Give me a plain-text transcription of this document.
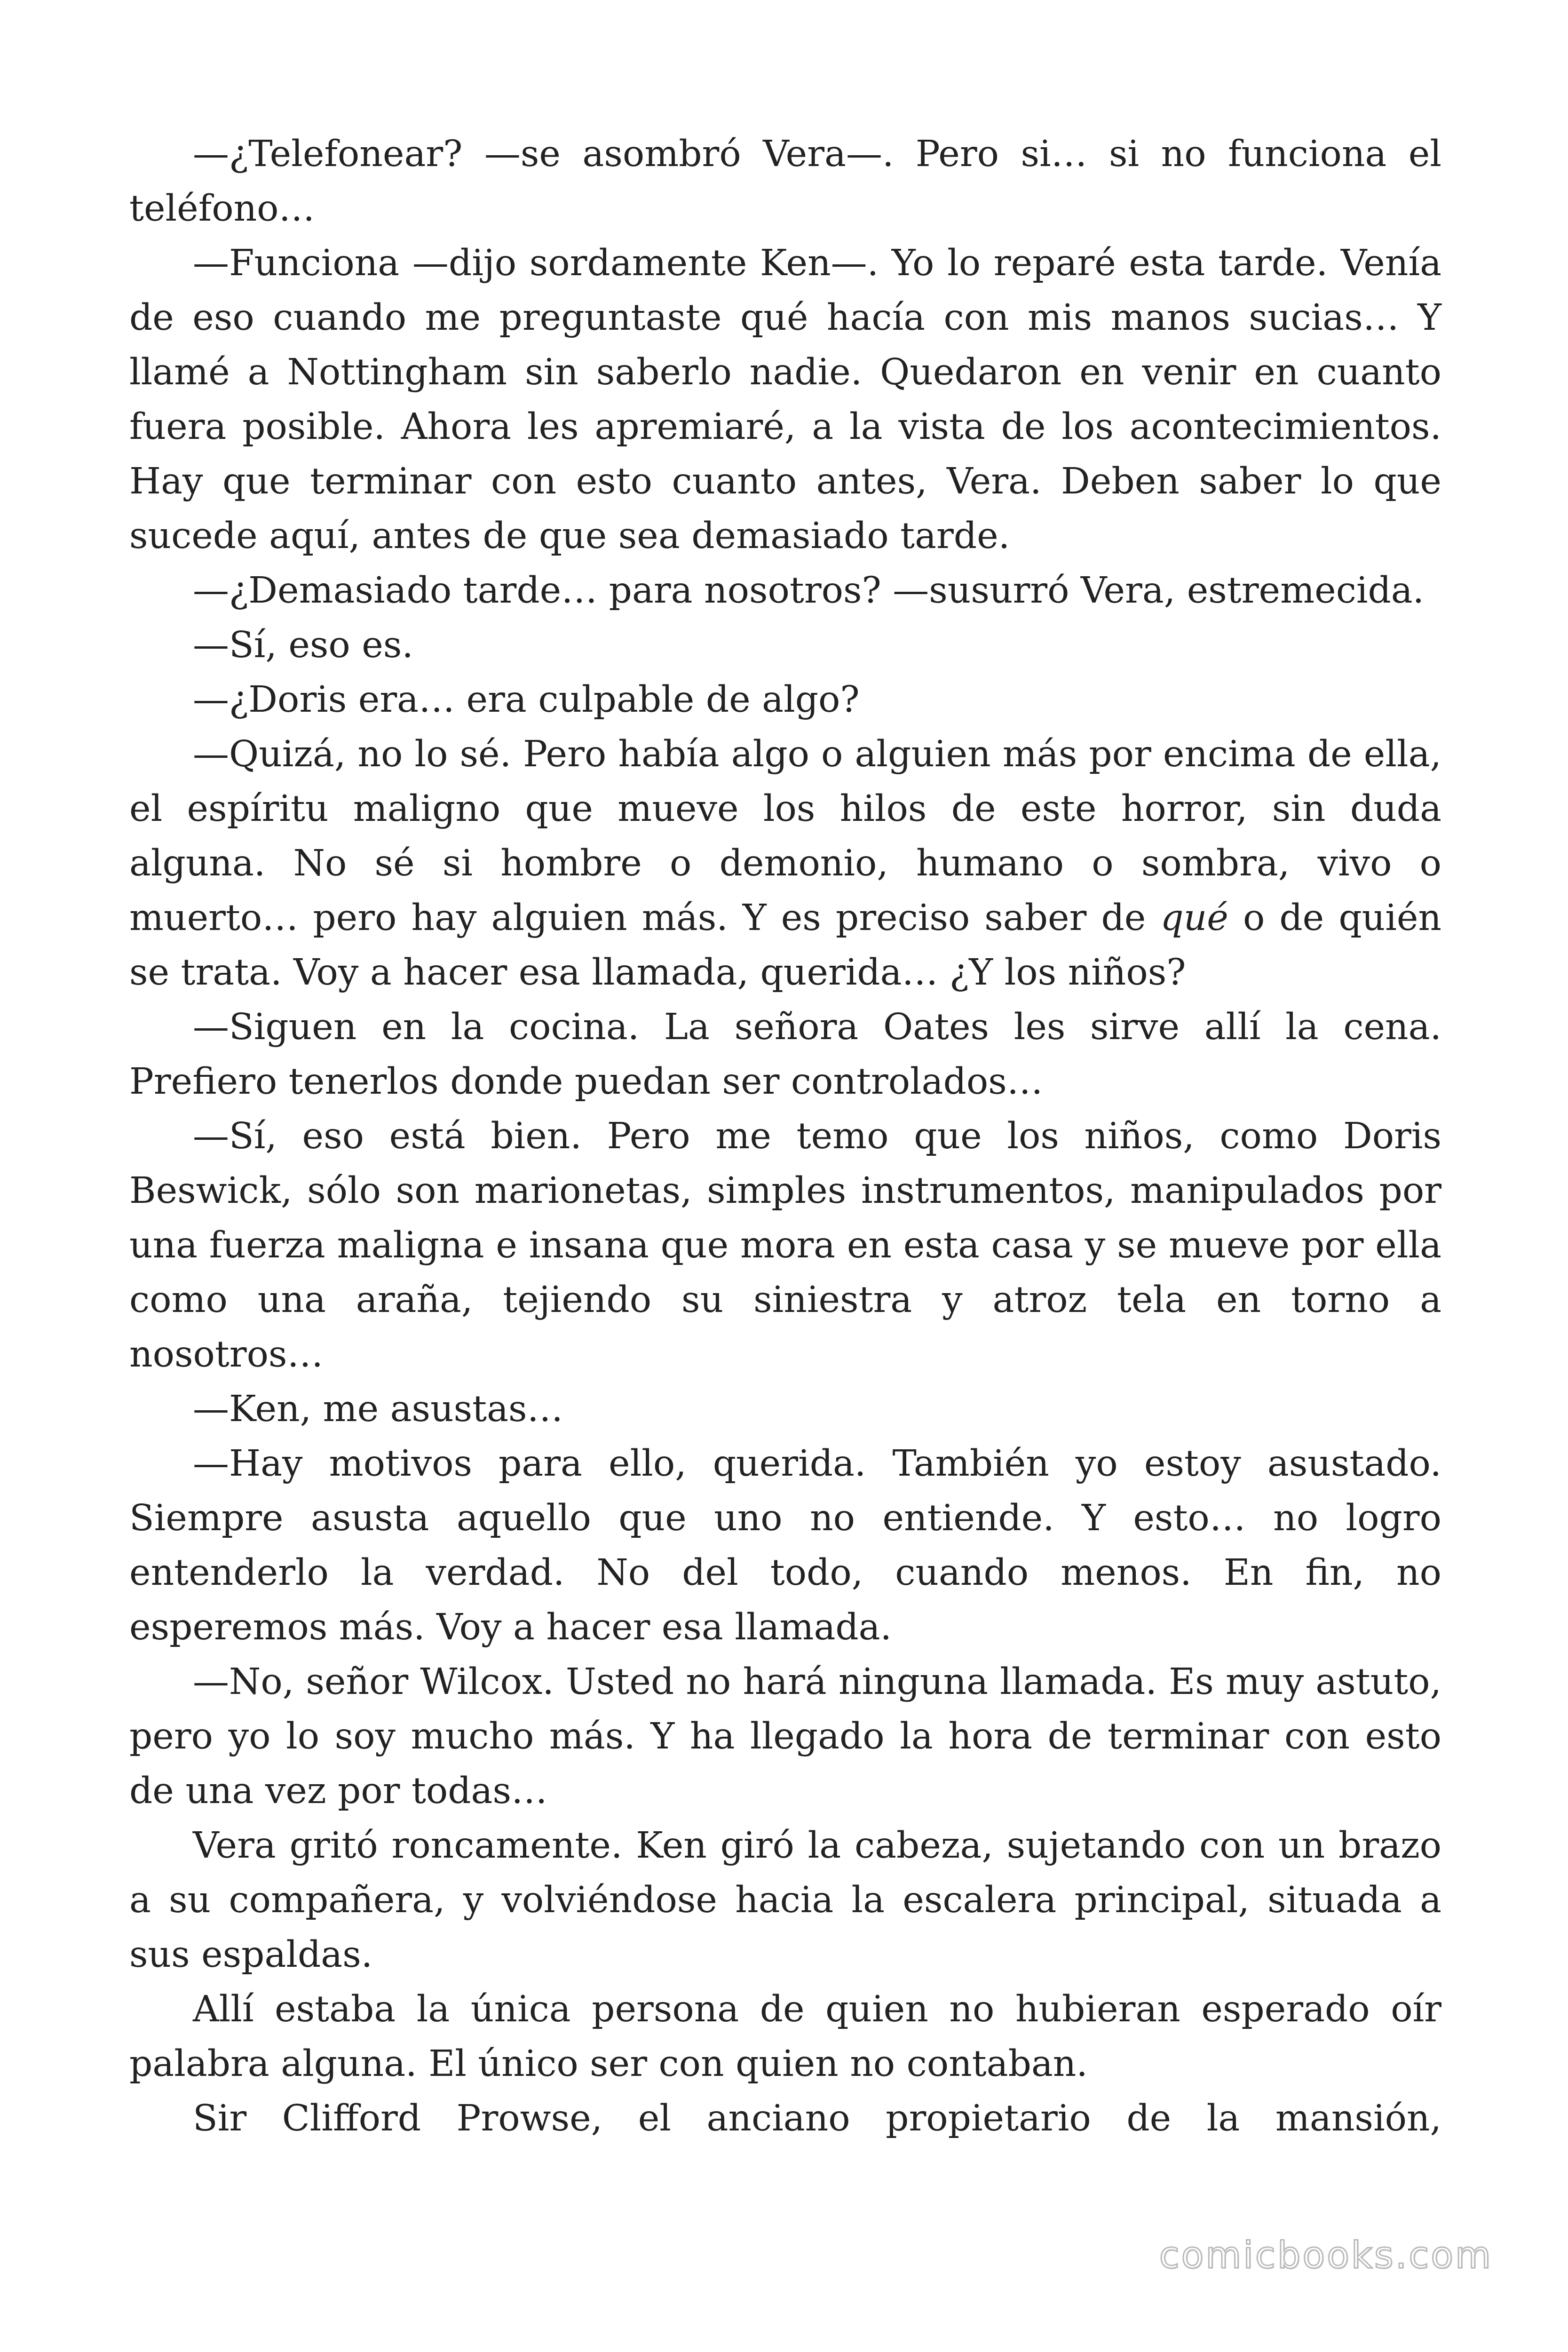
—¿Telefonear? —se asombró Vera—. Pero si… si no funciona el teléfono…

—Funciona —dijo sordamente Ken—. Yo lo reparé esta tarde. Venía de eso cuando me preguntaste qué hacía con mis manos sucias… Y llamé a Nottingham sin saberlo nadie. Quedaron en venir en cuanto fuera posible. Ahora les apremiaré, a la vista de los acontecimientos. Hay que terminar con esto cuanto antes, Vera. Deben saber lo que sucede aquí, antes de que sea demasiado tarde.

—¿Demasiado tarde… para nosotros? —susurró Vera, estremecida.

—Sí, eso es.

—¿Doris era… era culpable de algo?

—Quizá, no lo sé. Pero había algo o alguien más por encima de ella, el espíritu maligno que mueve los hilos de este horror, sin duda alguna. No sé si hombre o demonio, humano o sombra, vivo o muerto… pero hay alguien más. Y es preciso saber de qué o de quién se trata. Voy a hacer esa llamada, querida… ¿Y los niños?

—Siguen en la cocina. La señora Oates les sirve allí la cena. Prefiero tenerlos donde puedan ser controlados…

—Sí, eso está bien. Pero me temo que los niños, como Doris Beswick, sólo son marionetas, simples instrumentos, manipulados por una fuerza maligna e insana que mora en esta casa y se mueve por ella como una araña, tejiendo su siniestra y atroz tela en torno a nosotros…

—Ken, me asustas…

—Hay motivos para ello, querida. También yo estoy asustado. Siempre asusta aquello que uno no entiende. Y esto… no logro entenderlo la verdad. No del todo, cuando menos. En fin, no esperemos más. Voy a hacer esa llamada.

—No, señor Wilcox. Usted no hará ninguna llamada. Es muy astuto, pero yo lo soy mucho más. Y ha llegado la hora de terminar con esto de una vez por todas…

Vera gritó roncamente. Ken giró la cabeza, sujetando con un brazo a su compañera, y volviéndose hacia la escalera principal, situada a sus espaldas.

Allí estaba la única persona de quien no hubieran esperado oír palabra alguna. El único ser con quien no contaban.

Sir Clifford Prowse, el anciano propietario de la mansión,

comicbooks.com
